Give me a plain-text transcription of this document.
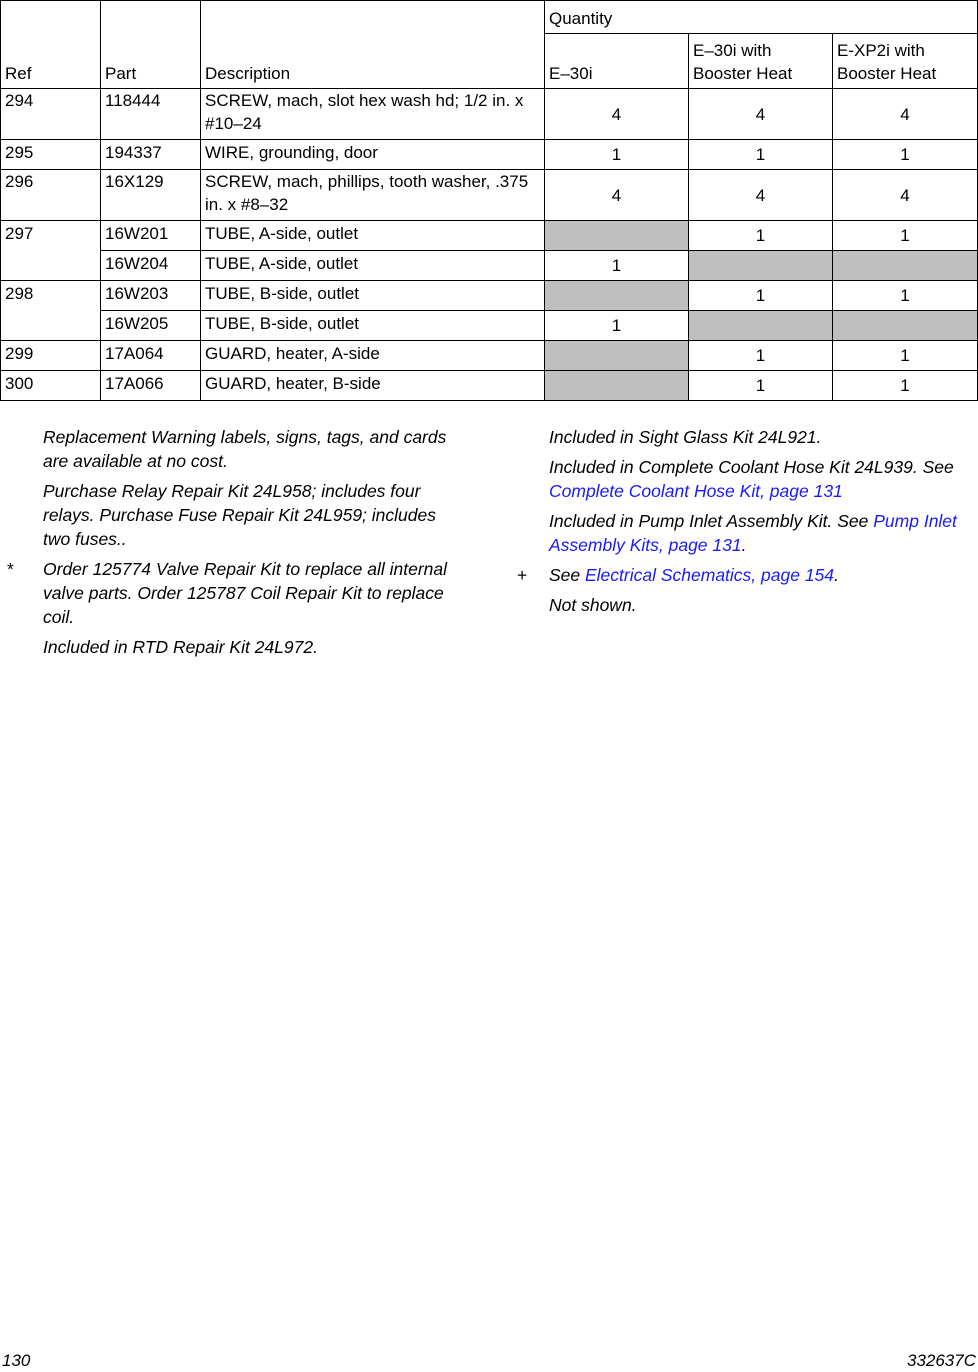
Ref	Part	Description	Quantity		
			E–30i	E–30i with Booster Heat	E-XP2i with Booster Heat
294	118444	SCREW, mach, slot hex wash hd; 1/2 in. x #10–24	4	4	4
295	194337	WIRE, grounding, door	1	1	1
296	16X129	SCREW, mach, phillips, tooth washer, .375 in. x #8–32	4	4	4
297	16W201	TUBE, A-side, outlet		1	1
	16W204	TUBE, A-side, outlet	1		
298	16W203	TUBE, B-side, outlet		1	1
	16W205	TUBE, B-side, outlet	1		
299	17A064	GUARD, heater, A-side		1	1
300	17A066	GUARD, heater, B-side		1	1
Replacement Warning labels, signs, tags, and cards are available at no cost.
Purchase Relay Repair Kit 24L958; includes four relays. Purchase Fuse Repair Kit 24L959; includes two fuses..
*	Order 125774 Valve Repair Kit to replace all internal valve parts. Order 125787 Coil Repair Kit to replace coil.
Included in RTD Repair Kit 24L972.
Included in Sight Glass Kit 24L921.
Included in Complete Coolant Hose Kit 24L939. See Complete Coolant Hose Kit, page 131
Included in Pump Inlet Assembly Kit. See Pump Inlet Assembly Kits, page 131.
+	See Electrical Schematics, page 154.
Not shown.
130	332637C
